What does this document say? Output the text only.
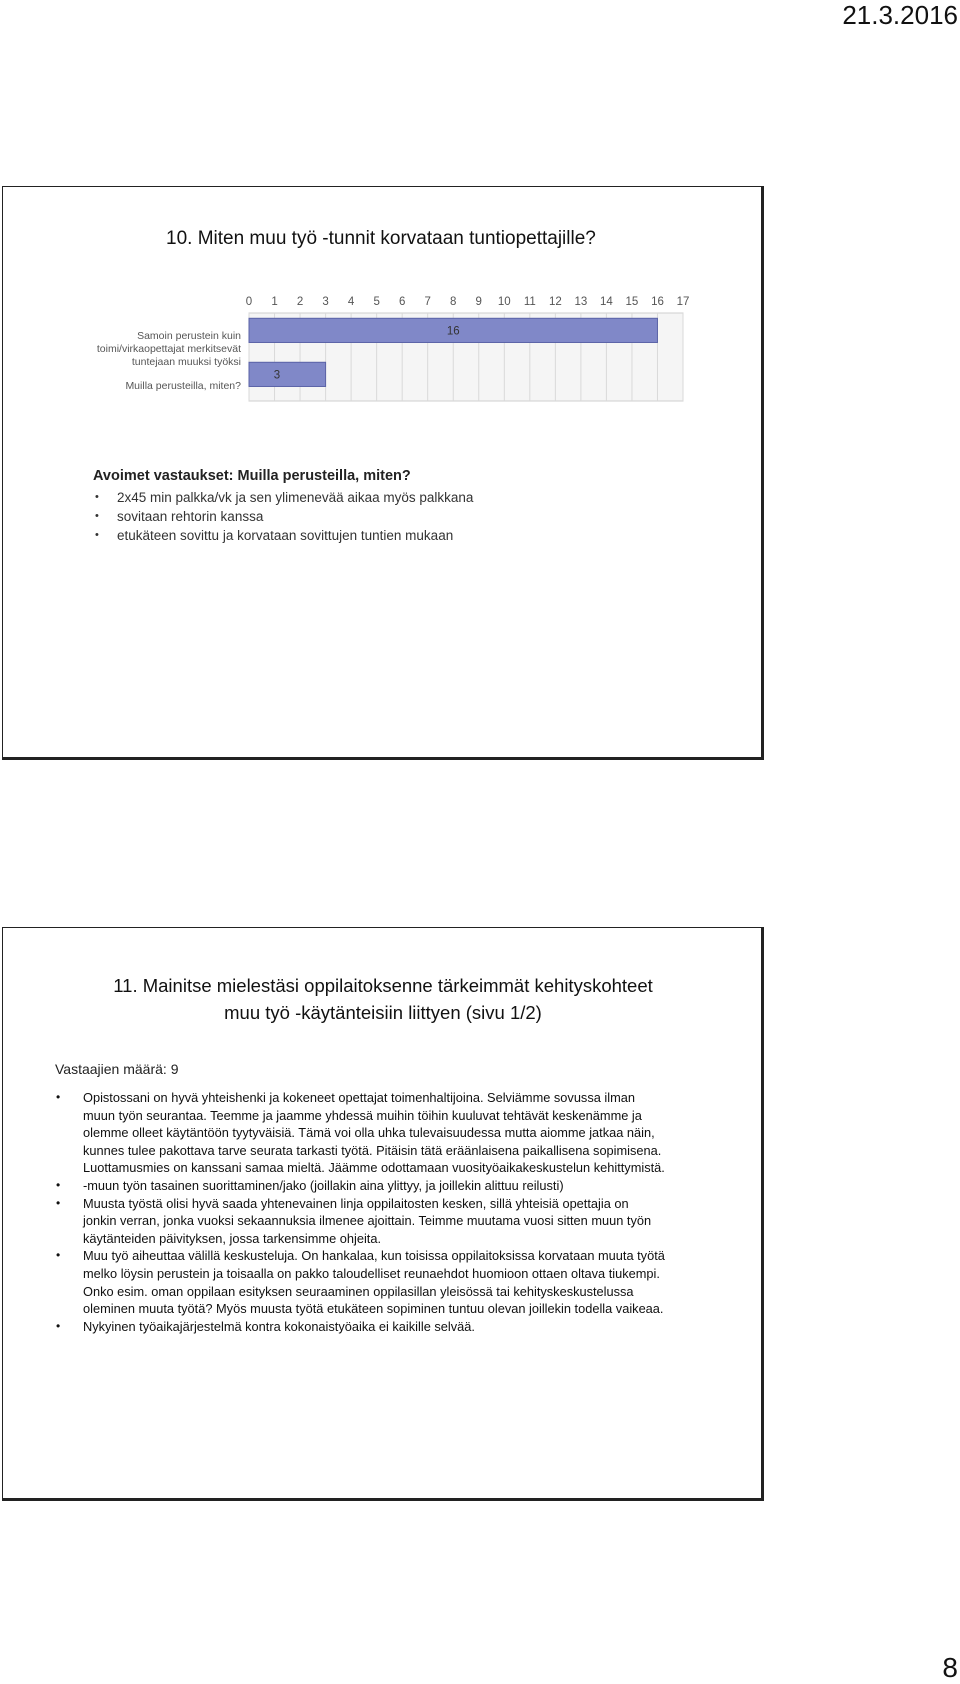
21.3.2016
10. Miten muu työ -tunnit korvataan tuntiopettajille?
0 1 2 3 4 5 6 7 8 9 10 11 12 13 14 15 16 17
16
3
Samoin perustein kuin toimi/virkaopettajat merkitsevät tuntejaan muuksi työksi
Muilla perusteilla, miten?
Avoimet vastaukset: Muilla perusteilla, miten?
• 2x45 min palkka/vk ja sen ylimenevää aikaa myös palkkana
• sovitaan rehtorin kanssa
• etukäteen sovittu ja korvataan sovittujen tuntien mukaan
11. Mainitse mielestäsi oppilaitoksenne tärkeimmät kehityskohteet
muu työ -käytänteisiin liittyen (sivu 1/2)
Vastaajien määrä: 9
• Opistossani on hyvä yhteishenki ja kokeneet opettajat toimenhaltijoina. Selviämme sovussa ilman muun työn seurantaa. Teemme ja jaamme yhdessä muihin töihin kuuluvat tehtävät keskenämme ja olemme olleet käytäntöön tyytyväisiä. Tämä voi olla uhka tulevaisuudessa mutta aiomme jatkaa näin, kunnes tulee pakottava tarve seurata tarkasti työtä. Pitäisin tätä eräänlaisena paikallisena sopimisena. Luottamusmies on kanssani samaa mieltä. Jäämme odottamaan vuosityöaikakeskustelun kehittymistä.
• -muun työn tasainen suorittaminen/jako (joillakin aina ylittyy, ja joillekin alittuu reilusti)
• Muusta työstä olisi hyvä saada yhtenevainen linja oppilaitosten kesken, sillä yhteisiä opettajia on jonkin verran, jonka vuoksi sekaannuksia ilmenee ajoittain. Teimme muutama vuosi sitten muun työn käytänteiden päivityksen, jossa tarkensimme ohjeita.
• Muu työ aiheuttaa välillä keskusteluja. On hankalaa, kun toisissa oppilaitoksissa korvataan muuta työtä melko löysin perustein ja toisaalla on pakko taloudelliset reunaehdot huomioon ottaen oltava tiukempi. Onko esim. oman oppilaan esityksen seuraaminen oppilasillan yleisössä tai kehityskeskustelussa oleminen muuta työtä? Myös muusta työtä etukäteen sopiminen tuntuu olevan joillekin todella vaikeaa.
• Nykyinen työaikajärjestelmä kontra kokonaistyöaika ei kaikille selvää.
8
